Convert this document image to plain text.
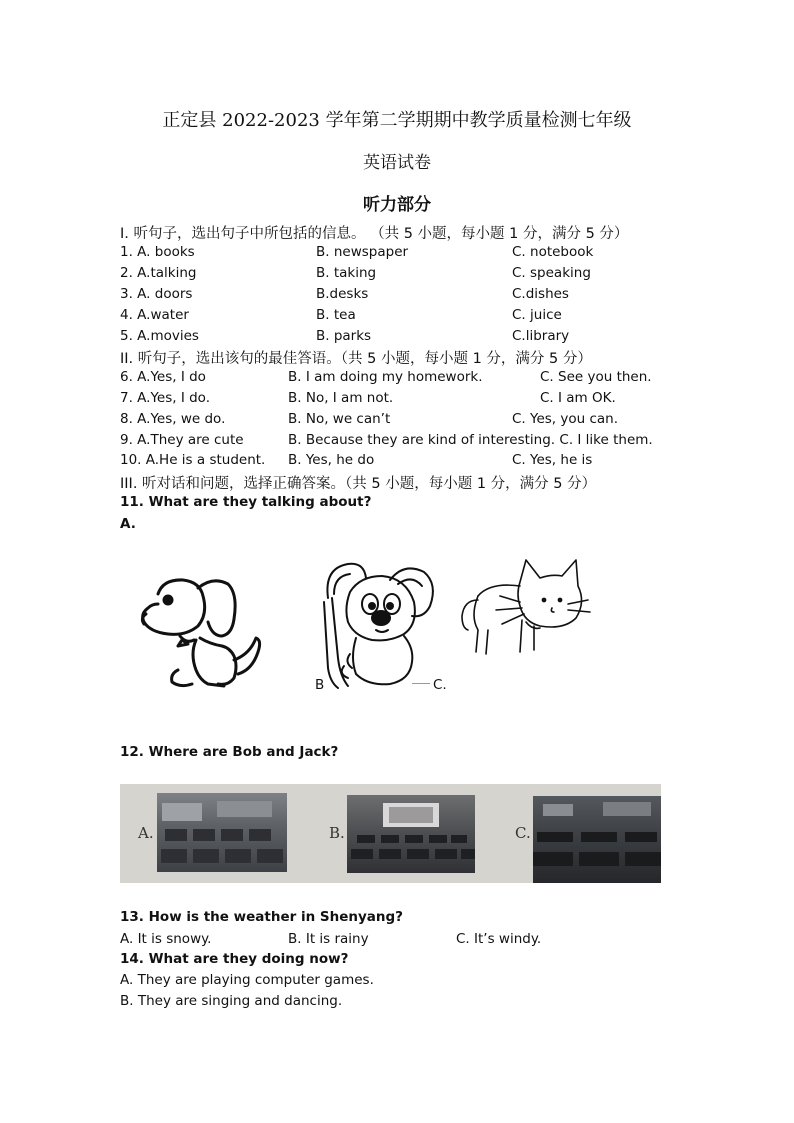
正定县 2022-2023 学年第二学期期中教学质量检测七年级
英语试卷
听力部分
I. 听句子，选出句子中所包括的信息。 （共 5 小题，每小题 1 分，满分 5 分）
1. A. books	B. newspaper	C. notebook
2. A.talking	B. taking	C. speaking
3. A. doors	B.desks	C.dishes
4. A.water	B. tea	C. juice
5. A.movies	B. parks	C.library
II. 听句子，选出该句的最佳答语。（共 5 小题，每小题 1 分，满分 5 分）
6. A.Yes, I do	B. I am doing my homework.	C. See you then.
7. A.Yes, I do.	B. No, I am not.	C. I am OK.
8. A.Yes, we do.	B. No, we can’t	C. Yes, you can.
9. A.They are cute	B. Because they are kind of interesting. C. I like them.
10. A.He is a student. B. Yes, he do	C. Yes, he is
III. 听对话和问题，选择正确答案。（共 5 小题，每小题 1 分，满分 5 分）
11. What are they talking about?
A.
B	C.
12. Where are Bob and Jack?
A.	B.	C.
13. How is the weather in Shenyang?
A. It is snowy.	B. It is rainy	C. It’s windy.
14. What are they doing now?
A. They are playing computer games.
B. They are singing and dancing.
